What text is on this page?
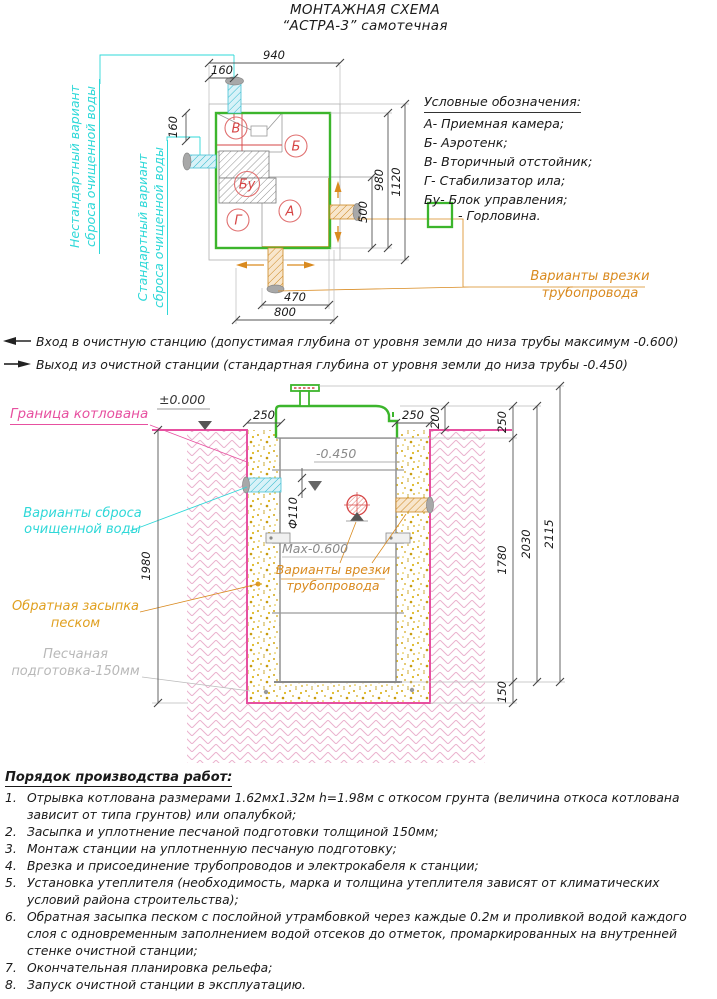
В
Б
Бу
А
Г
940
160
160
1120
980
500
470
800
250	250 200	250
1780
150
2030 2115
1980
Ф110
-0.450
Max-0.600
±0.000
МОНТАЖНАЯ СХЕМА
“АСТРА-3” самотечная
Условные обозначения:
А- Приемная камера;
Б- Аэротенк;
В- Вторичный отстойник;
Г- Стабилизатор ила;
Бу- Блок управления;
- Горловина.
Нестандартный вариант сброса очищенной воды	Стандартный вариант сброса очищенной воды	Варианты врезки трубопровода
Вход в очистную станцию (допустимая глубина от уровня земли до низа трубы максимум -0.600)
Выход из очистной станции (стандартная глубина от уровня земли до низа трубы -0.450)
Граница котлована
Варианты сброса очищенной воды
Обратная засыпка песком
Песчаная подготовка-150мм
Варианты врезки трубопровода
Порядок производства работ:
1. Отрывка котлована размерами 1.62мх1.32м h=1.98м с откосом грунта (величина откоса котлована зависит от типа грунтов) или опалубкой;
2. Засыпка и уплотнение песчаной подготовки толщиной 150мм;
3. Монтаж станции на уплотненную песчаную подготовку;
4. Врезка и присоединение трубопроводов и электрокабеля к станции;
5. Установка утеплителя (необходимость, марка и толщина утеплителя зависят от климатических условий района строительства);
6. Обратная засыпка песком с послойной утрамбовкой через каждые 0.2м и проливкой водой каждого слоя с одновременным заполнением водой отсеков до отметок, промаркированных на внутренней стенке очистной станции;
7. Окончательная планировка рельефа;
8. Запуск очистной станции в эксплуатацию.
